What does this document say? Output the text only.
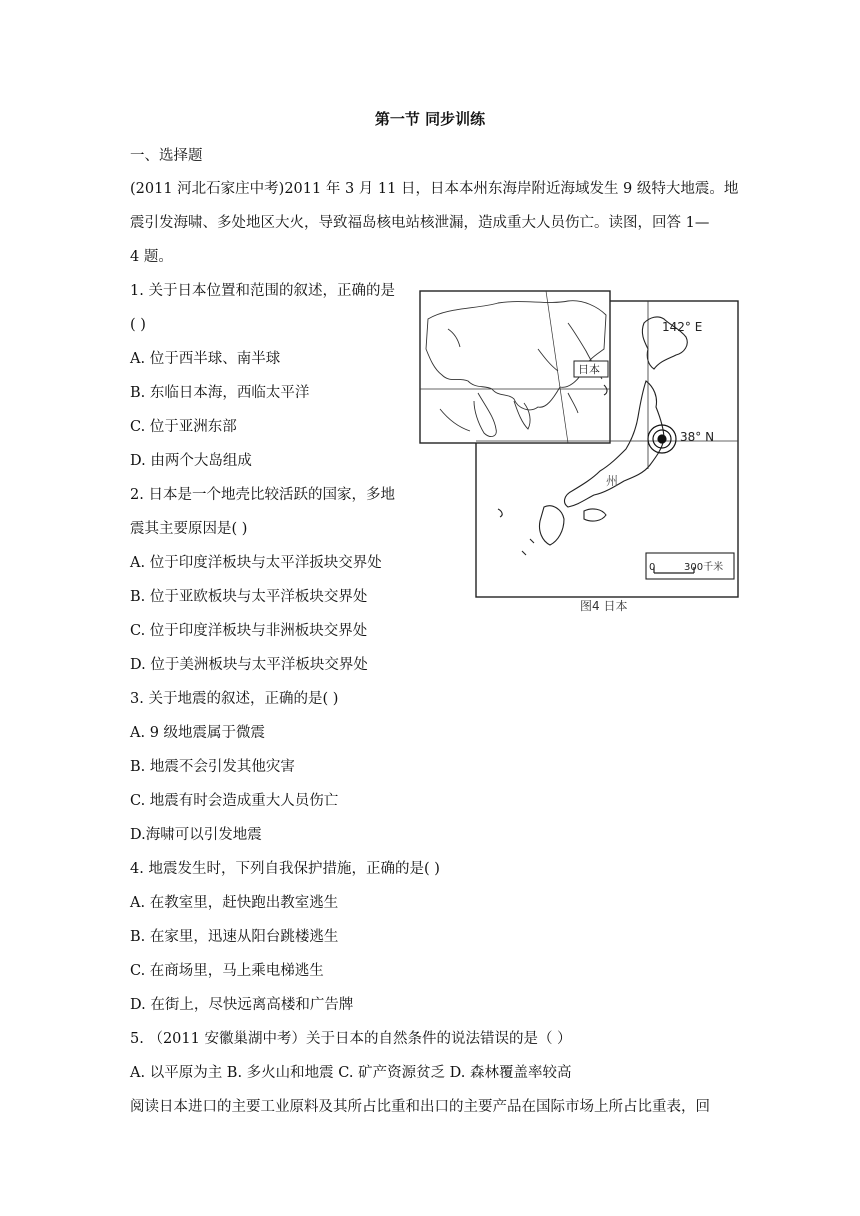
第一节 同步训练
一、选择题
(2011 河北石家庄中考)2011 年 3 月 11 日，日本本州东海岸附近海域发生 9 级特大地震。地
震引发海啸、多处地区大火，导致福岛核电站核泄漏，造成重大人员伤亡。读图，回答 1—
4 题。
1. 关于日本位置和范围的叙述，正确的是
( )
A. 位于西半球、南半球
B. 东临日本海，西临太平洋
C. 位于亚洲东部
D. 由两个大岛组成
2. 日本是一个地壳比较活跃的国家，多地
震其主要原因是( )
A. 位于印度洋板块与太平洋扳块交界处
B. 位于亚欧板块与太平洋板块交界处
C. 位于印度洋板块与非洲板块交界处
D. 位于美洲板块与太平洋板块交界处
3. 关于地震的叙述，正确的是( )
A. 9 级地震属于微震
B. 地震不会引发其他灾害
C. 地震有时会造成重大人员伤亡
D.海啸可以引发地震
4. 地震发生时，下列自我保护措施，正确的是( )
A. 在教室里，赶快跑出教室逃生
B. 在家里，迅速从阳台跳楼逃生
C. 在商场里，马上乘电梯逃生
D. 在街上，尽快远离高楼和广告牌
5. （2011 安徽巢湖中考）关于日本的自然条件的说法错误的是（ ）
A. 以平原为主 B. 多火山和地震 C. 矿产资源贫乏 D. 森林覆盖率较高
阅读日本进口的主要工业原料及其所占比重和出口的主要产品在国际市场上所占比重表，回
日本
142° E
38° N
州
0	300千米
图4 日本
